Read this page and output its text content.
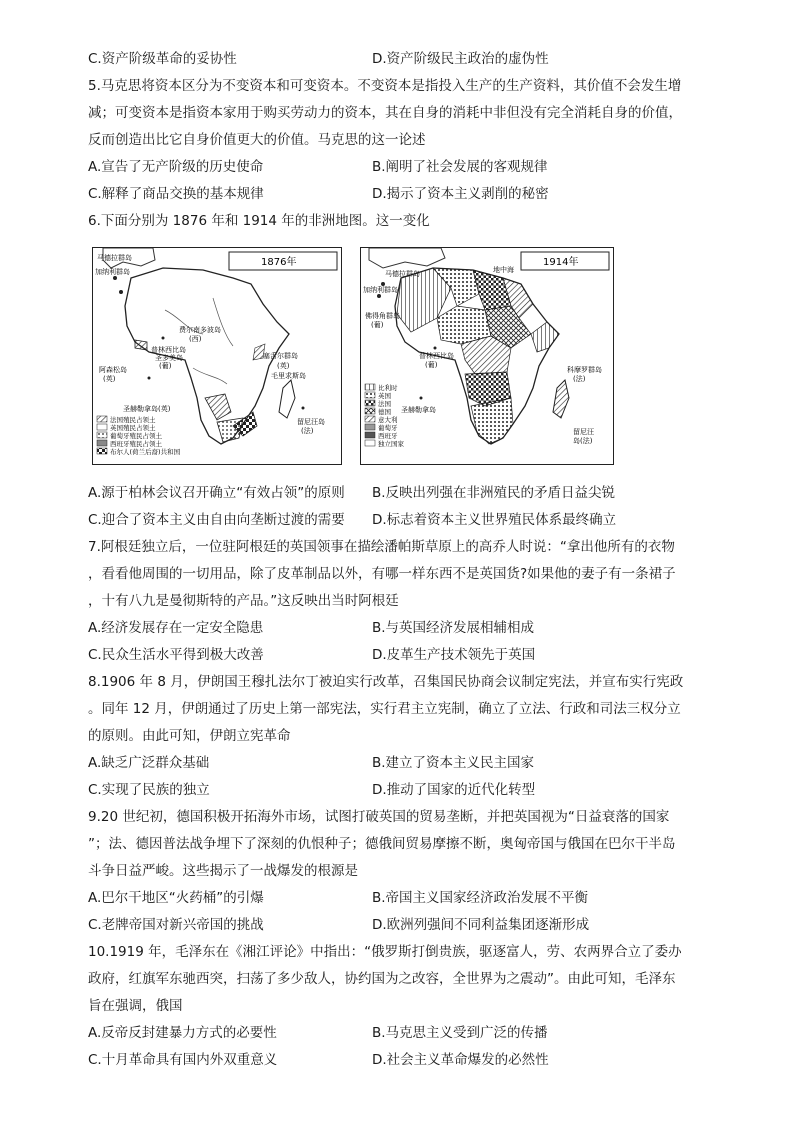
C.资产阶级革命的妥协性	D.资产阶级民主政治的虚伪性
5.马克思将资本区分为不变资本和可变资本。不变资本是指投入生产的生产资料，其价值不会发生增
减；可变资本是指资本家用于购买劳动力的资本，其在自身的消耗中非但没有完全消耗自身的价值，
反而创造出比它自身价值更大的价值。马克思的这一论述
A.宣告了无产阶级的历史使命	B.阐明了社会发展的客观规律
C.解释了商品交换的基本规律	D.揭示了资本主义剥削的秘密
6.下面分别为 1876 年和 1914 年的非洲地图。这一变化
1876年
马德拉群岛
加纳利群岛
费尔南多波岛
(西)
普林西比岛
圣多美岛
(葡)
阿森松岛
(英)
圣赫勒拿岛(英)
塞舌尔群岛
(英)
毛里求斯岛
留尼汪岛
(法)
法国殖民占领土
英国殖民占领土
葡萄牙殖民占领土
西班牙殖民占领土
布尔人(荷兰后裔)共和国
1914年
马德拉群岛
加纳利群岛
地中海
佛得角群岛
(葡)
普林西比岛
(葡)
圣赫勒拿岛
科摩罗群岛
(法)
留尼汪
岛(法)
比利时
英国
法国
德国
意大利
葡萄牙
西班牙
独立国家
A.源于柏林会议召开确立“有效占领”的原则 B.反映出列强在非洲殖民的矛盾日益尖锐
C.迎合了资本主义由自由向垄断过渡的需要 D.标志着资本主义世界殖民体系最终确立
7.阿根廷独立后，一位驻阿根廷的英国领事在描绘潘帕斯草原上的高乔人时说：“拿出他所有的衣物
，看看他周围的一切用品，除了皮革制品以外，有哪一样东西不是英国货?如果他的妻子有一条裙子
，十有八九是曼彻斯特的产品。”这反映出当时阿根廷
A.经济发展存在一定安全隐患	B.与英国经济发展相辅相成
C.民众生活水平得到极大改善	D.皮革生产技术领先于英国
8.1906 年 8 月，伊朗国王穆扎法尔丁被迫实行改革，召集国民协商会议制定宪法，并宣布实行宪政
。同年 12 月，伊朗通过了历史上第一部宪法，实行君主立宪制，确立了立法、行政和司法三权分立
的原则。由此可知，伊朗立宪革命
A.缺乏广泛群众基础	B.建立了资本主义民主国家
C.实现了民族的独立	D.推动了国家的近代化转型
9.20 世纪初，德国积极开拓海外市场，试图打破英国的贸易垄断，并把英国视为“日益衰落的国家
”；法、德因普法战争埋下了深刻的仇恨种子；德俄间贸易摩擦不断，奥匈帝国与俄国在巴尔干半岛
斗争日益严峻。这些揭示了一战爆发的根源是
A.巴尔干地区“火药桶”的引爆	B.帝国主义国家经济政治发展不平衡
C.老牌帝国对新兴帝国的挑战	D.欧洲列强间不同利益集团逐渐形成
10.1919 年，毛泽东在《湘江评论》中指出：“俄罗斯打倒贵族，驱逐富人，劳、农两界合立了委办
政府，红旗军东驰西突，扫荡了多少敌人，协约国为之改容，全世界为之震动”。由此可知，毛泽东
旨在强调，俄国
A.反帝反封建暴力方式的必要性	B.马克思主义受到广泛的传播
C.十月革命具有国内外双重意义	D.社会主义革命爆发的必然性
